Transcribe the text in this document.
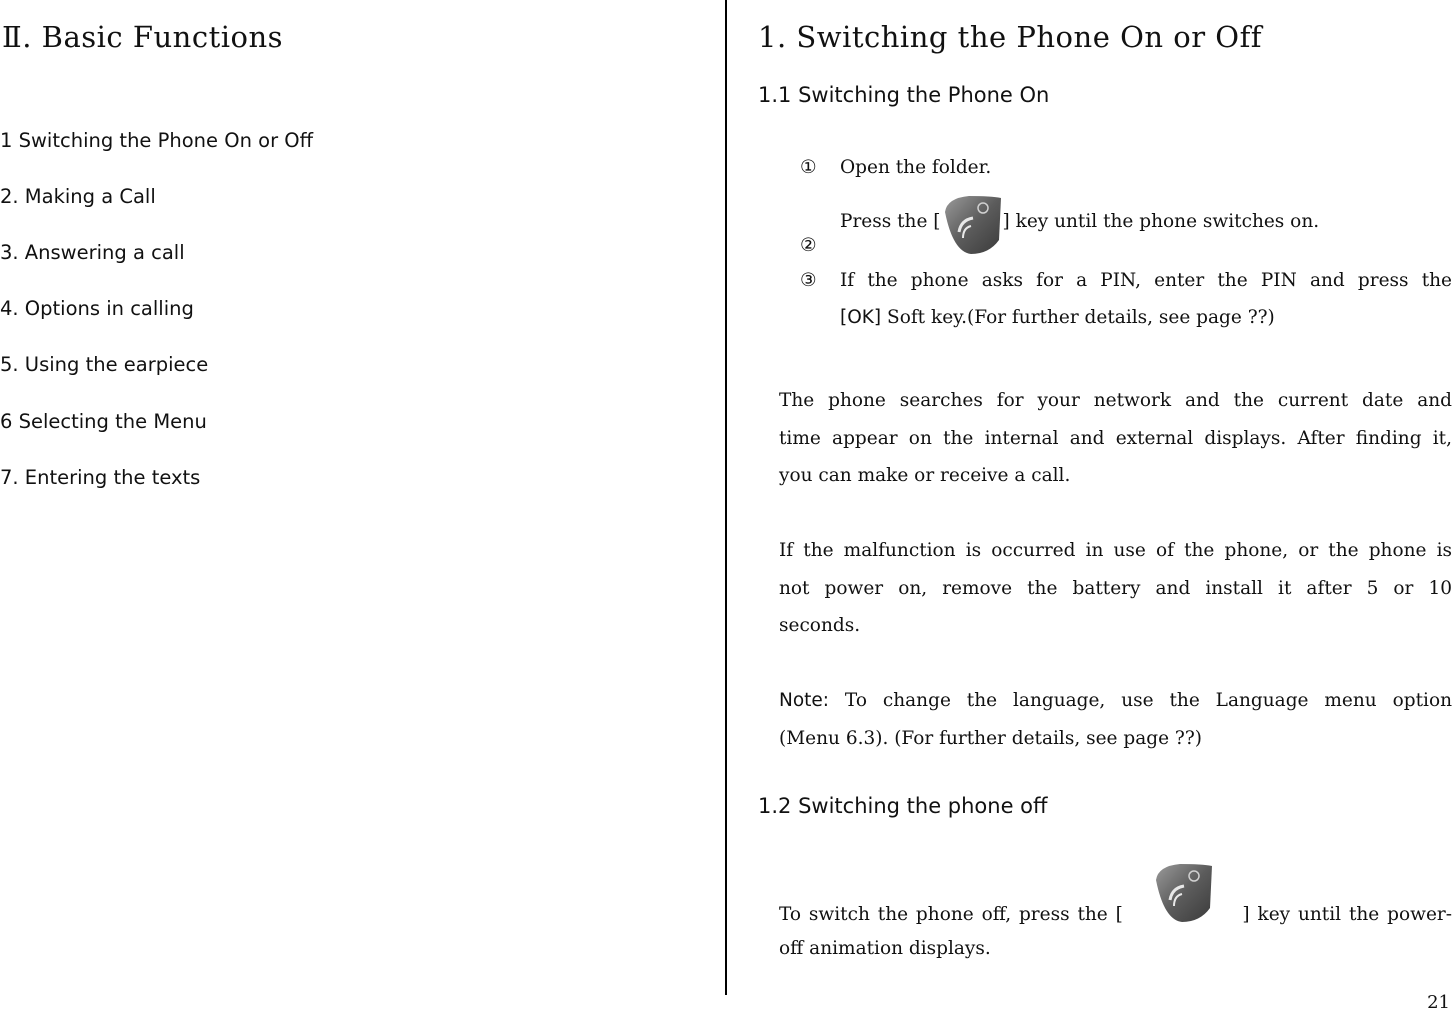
Ⅱ. Basic Functions
1 Switching the Phone On or Off
2. Making a Call
3. Answering a call
4. Options in calling
5. Using the earpiece
6 Selecting the Menu
7. Entering the texts
1. Switching the Phone On or Off
1.1 Switching the Phone On
① Open the folder.
②
Press the [	] key until the phone switches on.
③ If the phone asks for a PIN, enter the PIN and press the
[OK] Soft key.(For further details, see page ??)
The phone searches for your network and the current date and
time appear on the internal and external displays. After finding it,
you can make or receive a call.
If the malfunction is occurred in use of the phone, or the phone is
not power on, remove the battery and install it after 5 or 10
seconds.
Note: To change the language, use the Language menu option
(Menu 6.3). (For further details, see page ??)
1.2 Switching the phone off
To switch the phone off, press the [	] key until the power-
off animation displays.
21
